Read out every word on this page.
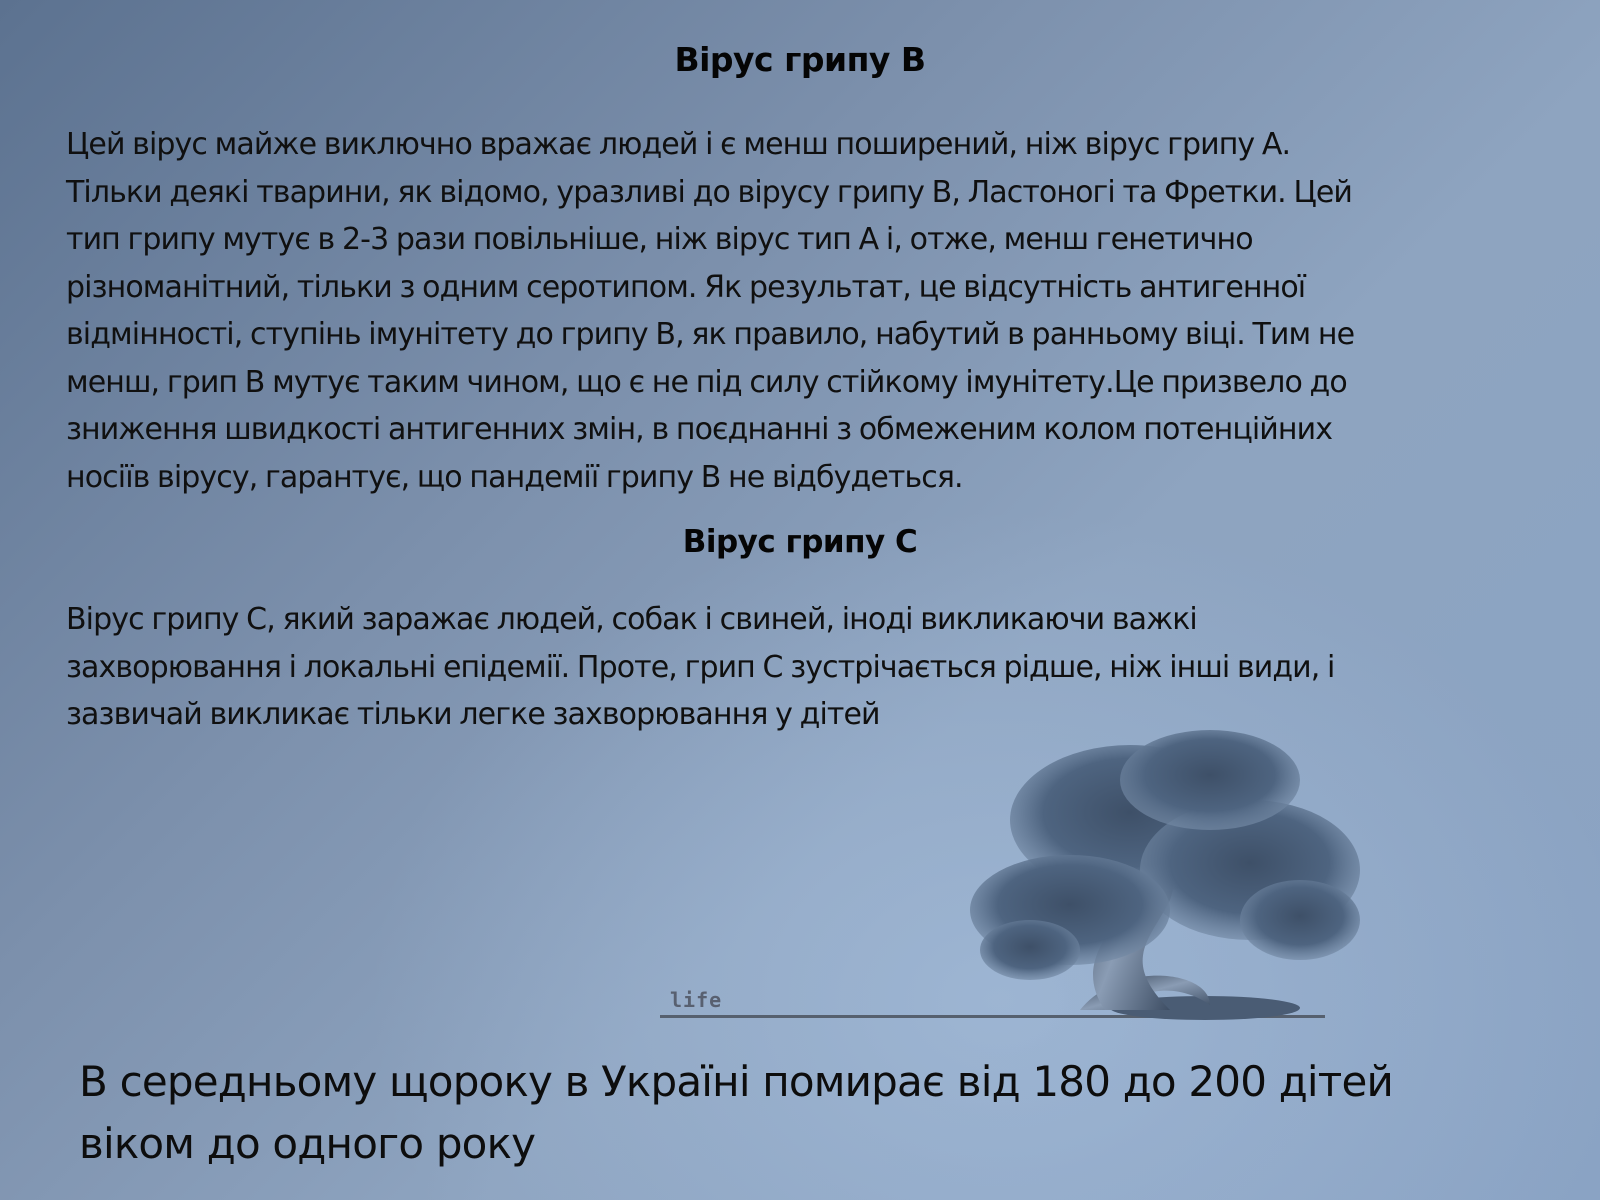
Вірус грипу В
Цей вірус майже виключно вражає людей і є менш поширений, ніж вірус грипу А.
Тільки деякі тварини, як відомо, уразливі до вірусу грипу В, Ластоногі та Фретки. Цей
тип грипу мутує в 2-3 рази повільніше, ніж вірус тип А і, отже, менш генетично
різноманітний, тільки з одним серотипом. Як результат, це відсутність антигенної
відмінності, ступінь імунітету до грипу В, як правило, набутий в ранньому віці. Тим не
менш, грип В мутує таким чином, що є не під силу стійкому імунітету.Це призвело до
зниження швидкості антигенних змін, в поєднанні з обмеженим колом потенційних
носіїв вірусу, гарантує, що пандемії грипу В не відбудеться.
Вірус грипу С
Вірус грипу С, який заражає людей, собак і свиней, іноді викликаючи важкі
захворювання і локальні епідемії. Проте, грип С зустрічається рідше, ніж інші види, і
зазвичай викликає тільки легке захворювання у дітей
life
В середньому щороку в Україні помирає від 180 до 200 дітей
віком до одного року
